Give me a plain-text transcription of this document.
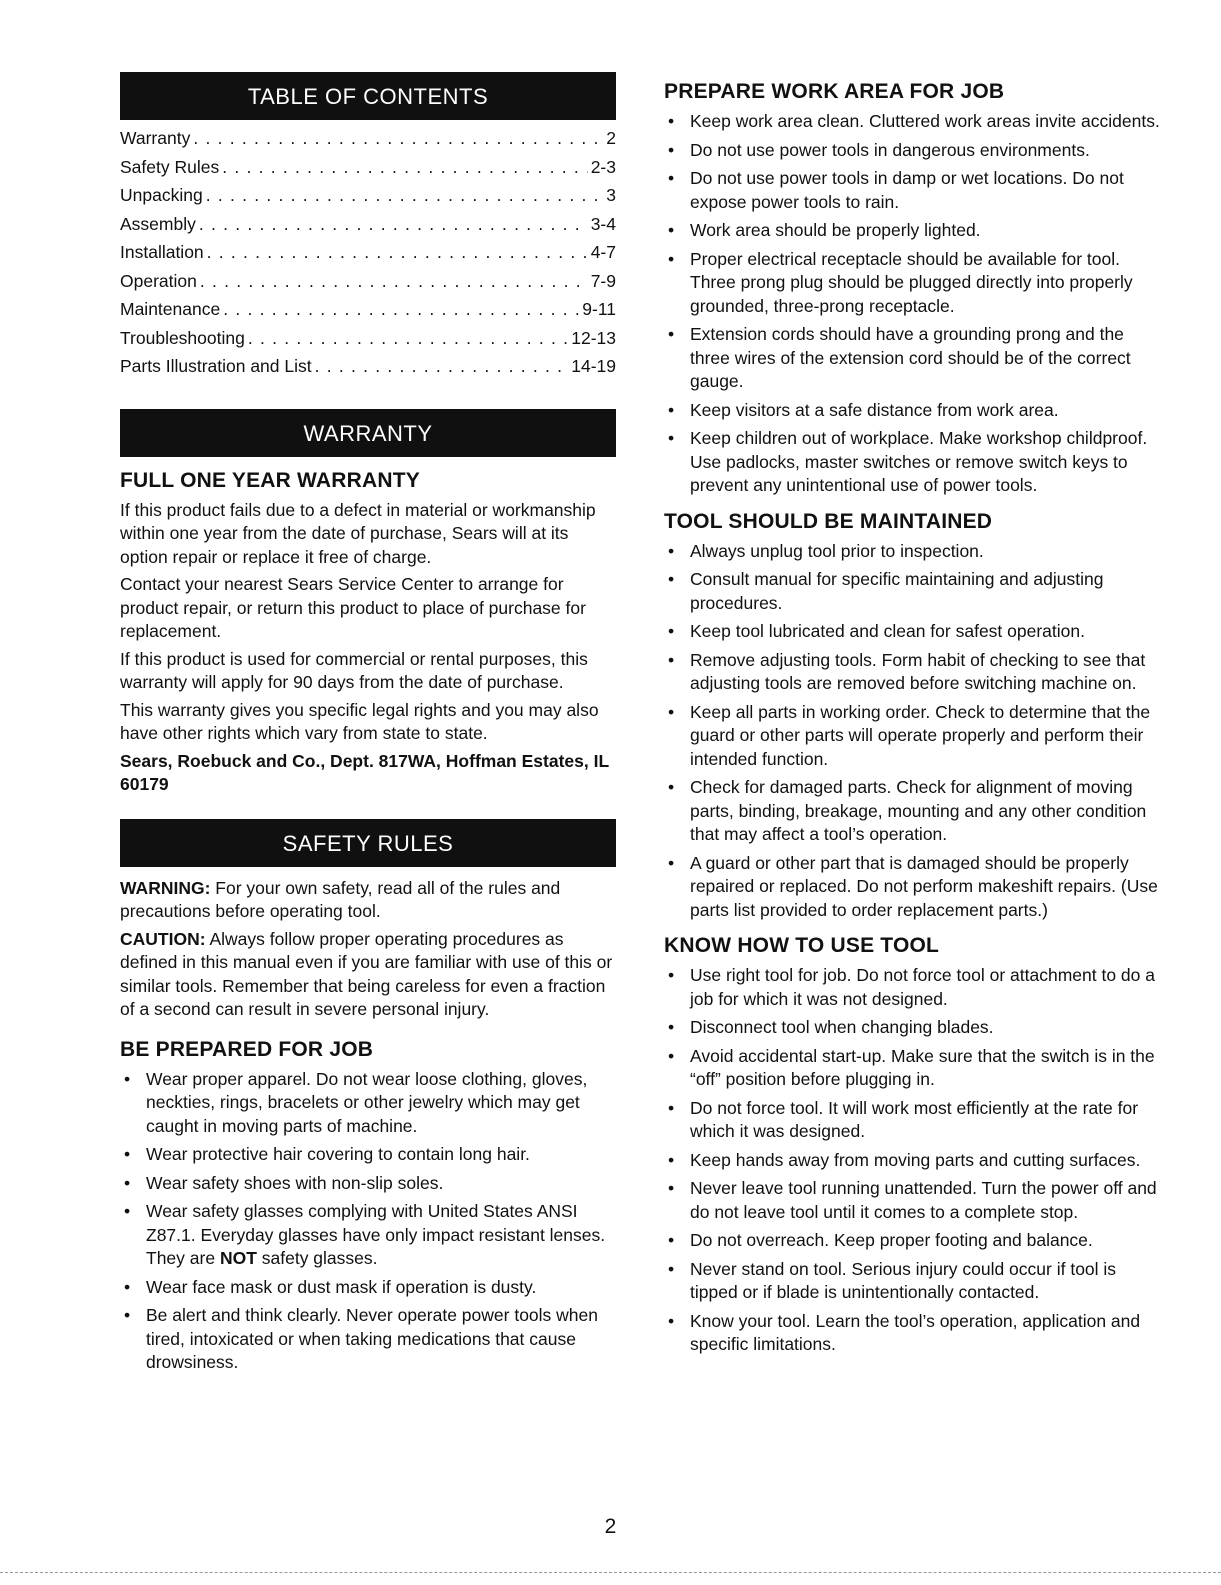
TABLE OF CONTENTS
Warranty . . .	2
Safety Rules . . .	2-3
Unpacking . . .	3
Assembly . . .	3-4
Installation . . .	4-7
Operation . . .	7-9
Maintenance . . .	9-11
Troubleshooting . . .	12-13
Parts Illustration and List . . .	14-19
WARRANTY
FULL ONE YEAR WARRANTY

If this product fails due to a defect in material or workmanship within one year from the date of purchase, Sears will at its option repair or replace it free of charge.

Contact your nearest Sears Service Center to arrange for product repair, or return this product to place of purchase for replacement.

If this product is used for commercial or rental purposes, this warranty will apply for 90 days from the date of purchase.

This warranty gives you specific legal rights and you may also have other rights which vary from state to state.

Sears, Roebuck and Co., Dept. 817WA, Hoffman Estates, IL 60179

SAFETY RULES

WARNING: For your own safety, read all of the rules and precautions before operating tool.

CAUTION: Always follow proper operating procedures as defined in this manual even if you are familiar with use of this or similar tools. Remember that being careless for even a fraction of a second can result in severe personal injury.

BE PREPARED FOR JOB
• Wear proper apparel. Do not wear loose clothing, gloves, neckties, rings, bracelets or other jewelry which may get caught in moving parts of machine.
• Wear protective hair covering to contain long hair.
• Wear safety shoes with non-slip soles.
• Wear safety glasses complying with United States ANSI Z87.1. Everyday glasses have only impact resistant lenses. They are NOT safety glasses.
• Wear face mask or dust mask if operation is dusty.
• Be alert and think clearly. Never operate power tools when tired, intoxicated or when taking medications that cause drowsiness.
PREPARE WORK AREA FOR JOB
• Keep work area clean. Cluttered work areas invite accidents.
• Do not use power tools in dangerous environments.
• Do not use power tools in damp or wet locations. Do not expose power tools to rain.
• Work area should be properly lighted.
• Proper electrical receptacle should be available for tool. Three prong plug should be plugged directly into properly grounded, three-prong receptacle.
• Extension cords should have a grounding prong and the three wires of the extension cord should be of the correct gauge.
• Keep visitors at a safe distance from work area.
• Keep children out of workplace. Make workshop childproof. Use padlocks, master switches or remove switch keys to prevent any unintentional use of power tools.
TOOL SHOULD BE MAINTAINED
• Always unplug tool prior to inspection.
• Consult manual for specific maintaining and adjusting procedures.
• Keep tool lubricated and clean for safest operation.
• Remove adjusting tools. Form habit of checking to see that adjusting tools are removed before switching machine on.
• Keep all parts in working order. Check to determine that the guard or other parts will operate properly and perform their intended function.
• Check for damaged parts. Check for alignment of moving parts, binding, breakage, mounting and any other condition that may affect a tool’s operation.
• A guard or other part that is damaged should be properly repaired or replaced. Do not perform makeshift repairs. (Use parts list provided to order replacement parts.)
KNOW HOW TO USE TOOL
• Use right tool for job. Do not force tool or attachment to do a job for which it was not designed.
• Disconnect tool when changing blades.
• Avoid accidental start-up. Make sure that the switch is in the “off” position before plugging in.
• Do not force tool. It will work most efficiently at the rate for which it was designed.
• Keep hands away from moving parts and cutting surfaces.
• Never leave tool running unattended. Turn the power off and do not leave tool until it comes to a complete stop.
• Do not overreach. Keep proper footing and balance.
• Never stand on tool. Serious injury could occur if tool is tipped or if blade is unintentionally contacted.
• Know your tool. Learn the tool’s operation, application and specific limitations.
2
